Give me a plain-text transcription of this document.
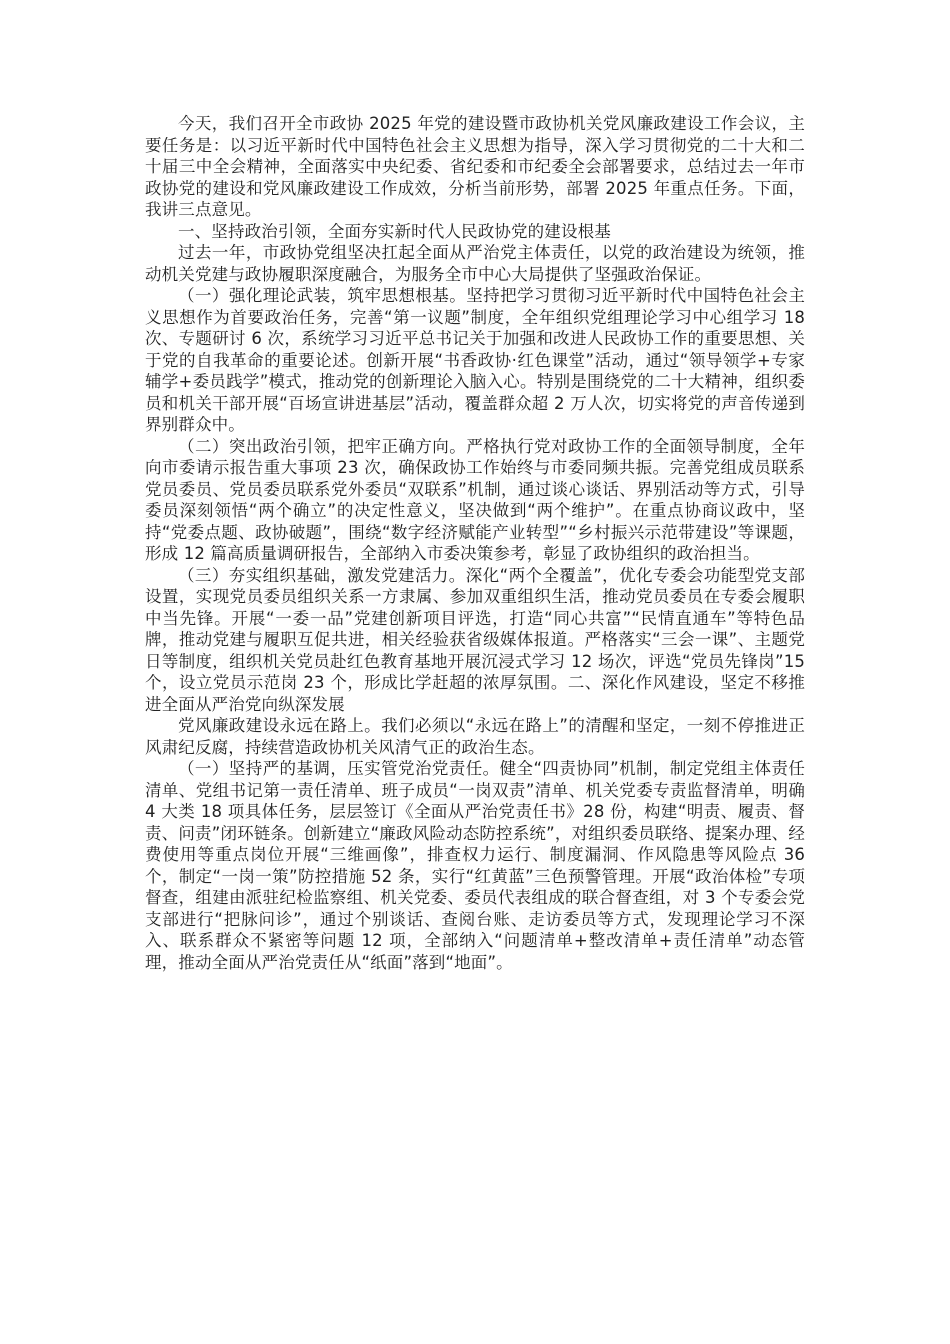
今天，我们召开全市政协 2025 年党的建设暨市政协机关党风廉政建设工作会议，主要任务是：以习近平新时代中国特色社会主义思想为指导，深入学习贯彻党的二十大和二十届三中全会精神，全面落实中央纪委、省纪委和市纪委全会部署要求，总结过去一年市政协党的建设和党风廉政建设工作成效，分析当前形势，部署 2025 年重点任务。下面，我讲三点意见。

一、坚持政治引领，全面夯实新时代人民政协党的建设根基

过去一年，市政协党组坚决扛起全面从严治党主体责任，以党的政治建设为统领，推动机关党建与政协履职深度融合，为服务全市中心大局提供了坚强政治保证。

（一）强化理论武装，筑牢思想根基。坚持把学习贯彻习近平新时代中国特色社会主义思想作为首要政治任务，完善“第一议题”制度，全年组织党组理论学习中心组学习 18 次、专题研讨 6 次，系统学习习近平总书记关于加强和改进人民政协工作的重要思想、关于党的自我革命的重要论述。创新开展“书香政协·红色课堂”活动，通过“领导领学+专家辅学+委员践学”模式，推动党的创新理论入脑入心。特别是围绕党的二十大精神，组织委员和机关干部开展“百场宣讲进基层”活动，覆盖群众超 2 万人次，切实将党的声音传递到界别群众中。

（二）突出政治引领，把牢正确方向。严格执行党对政协工作的全面领导制度，全年向市委请示报告重大事项 23 次，确保政协工作始终与市委同频共振。完善党组成员联系党员委员、党员委员联系党外委员“双联系”机制，通过谈心谈话、界别活动等方式，引导委员深刻领悟“两个确立”的决定性意义，坚决做到“两个维护”。在重点协商议政中，坚持“党委点题、政协破题”，围绕“数字经济赋能产业转型”“乡村振兴示范带建设”等课题，形成 12 篇高质量调研报告，全部纳入市委决策参考，彰显了政协组织的政治担当。

（三）夯实组织基础，激发党建活力。深化“两个全覆盖”，优化专委会功能型党支部设置，实现党员委员组织关系一方隶属、参加双重组织生活，推动党员委员在专委会履职中当先锋。开展“一委一品”党建创新项目评选，打造“同心共富”“民情直通车”等特色品牌，推动党建与履职互促共进，相关经验获省级媒体报道。严格落实“三会一课”、主题党日等制度，组织机关党员赴红色教育基地开展沉浸式学习 12 场次，评选“党员先锋岗”15 个，设立党员示范岗 23 个，形成比学赶超的浓厚氛围。二、深化作风建设，坚定不移推进全面从严治党向纵深发展

党风廉政建设永远在路上。我们必须以“永远在路上”的清醒和坚定，一刻不停推进正风肃纪反腐，持续营造政协机关风清气正的政治生态。

（一）坚持严的基调，压实管党治党责任。健全“四责协同”机制，制定党组主体责任清单、党组书记第一责任清单、班子成员“一岗双责”清单、机关党委专责监督清单，明确 4 大类 18 项具体任务，层层签订《全面从严治党责任书》28 份，构建“明责、履责、督责、问责”闭环链条。创新建立“廉政风险动态防控系统”，对组织委员联络、提案办理、经费使用等重点岗位开展“三维画像”，排查权力运行、制度漏洞、作风隐患等风险点 36 个，制定“一岗一策”防控措施 52 条，实行“红黄蓝”三色预警管理。开展“政治体检”专项督查，组建由派驻纪检监察组、机关党委、委员代表组成的联合督查组，对 3 个专委会党支部进行“把脉问诊”，通过个别谈话、查阅台账、走访委员等方式，发现理论学习不深入、联系群众不紧密等问题 12 项，全部纳入“问题清单+整改清单+责任清单”动态管理，推动全面从严治党责任从“纸面”落到“地面”。
